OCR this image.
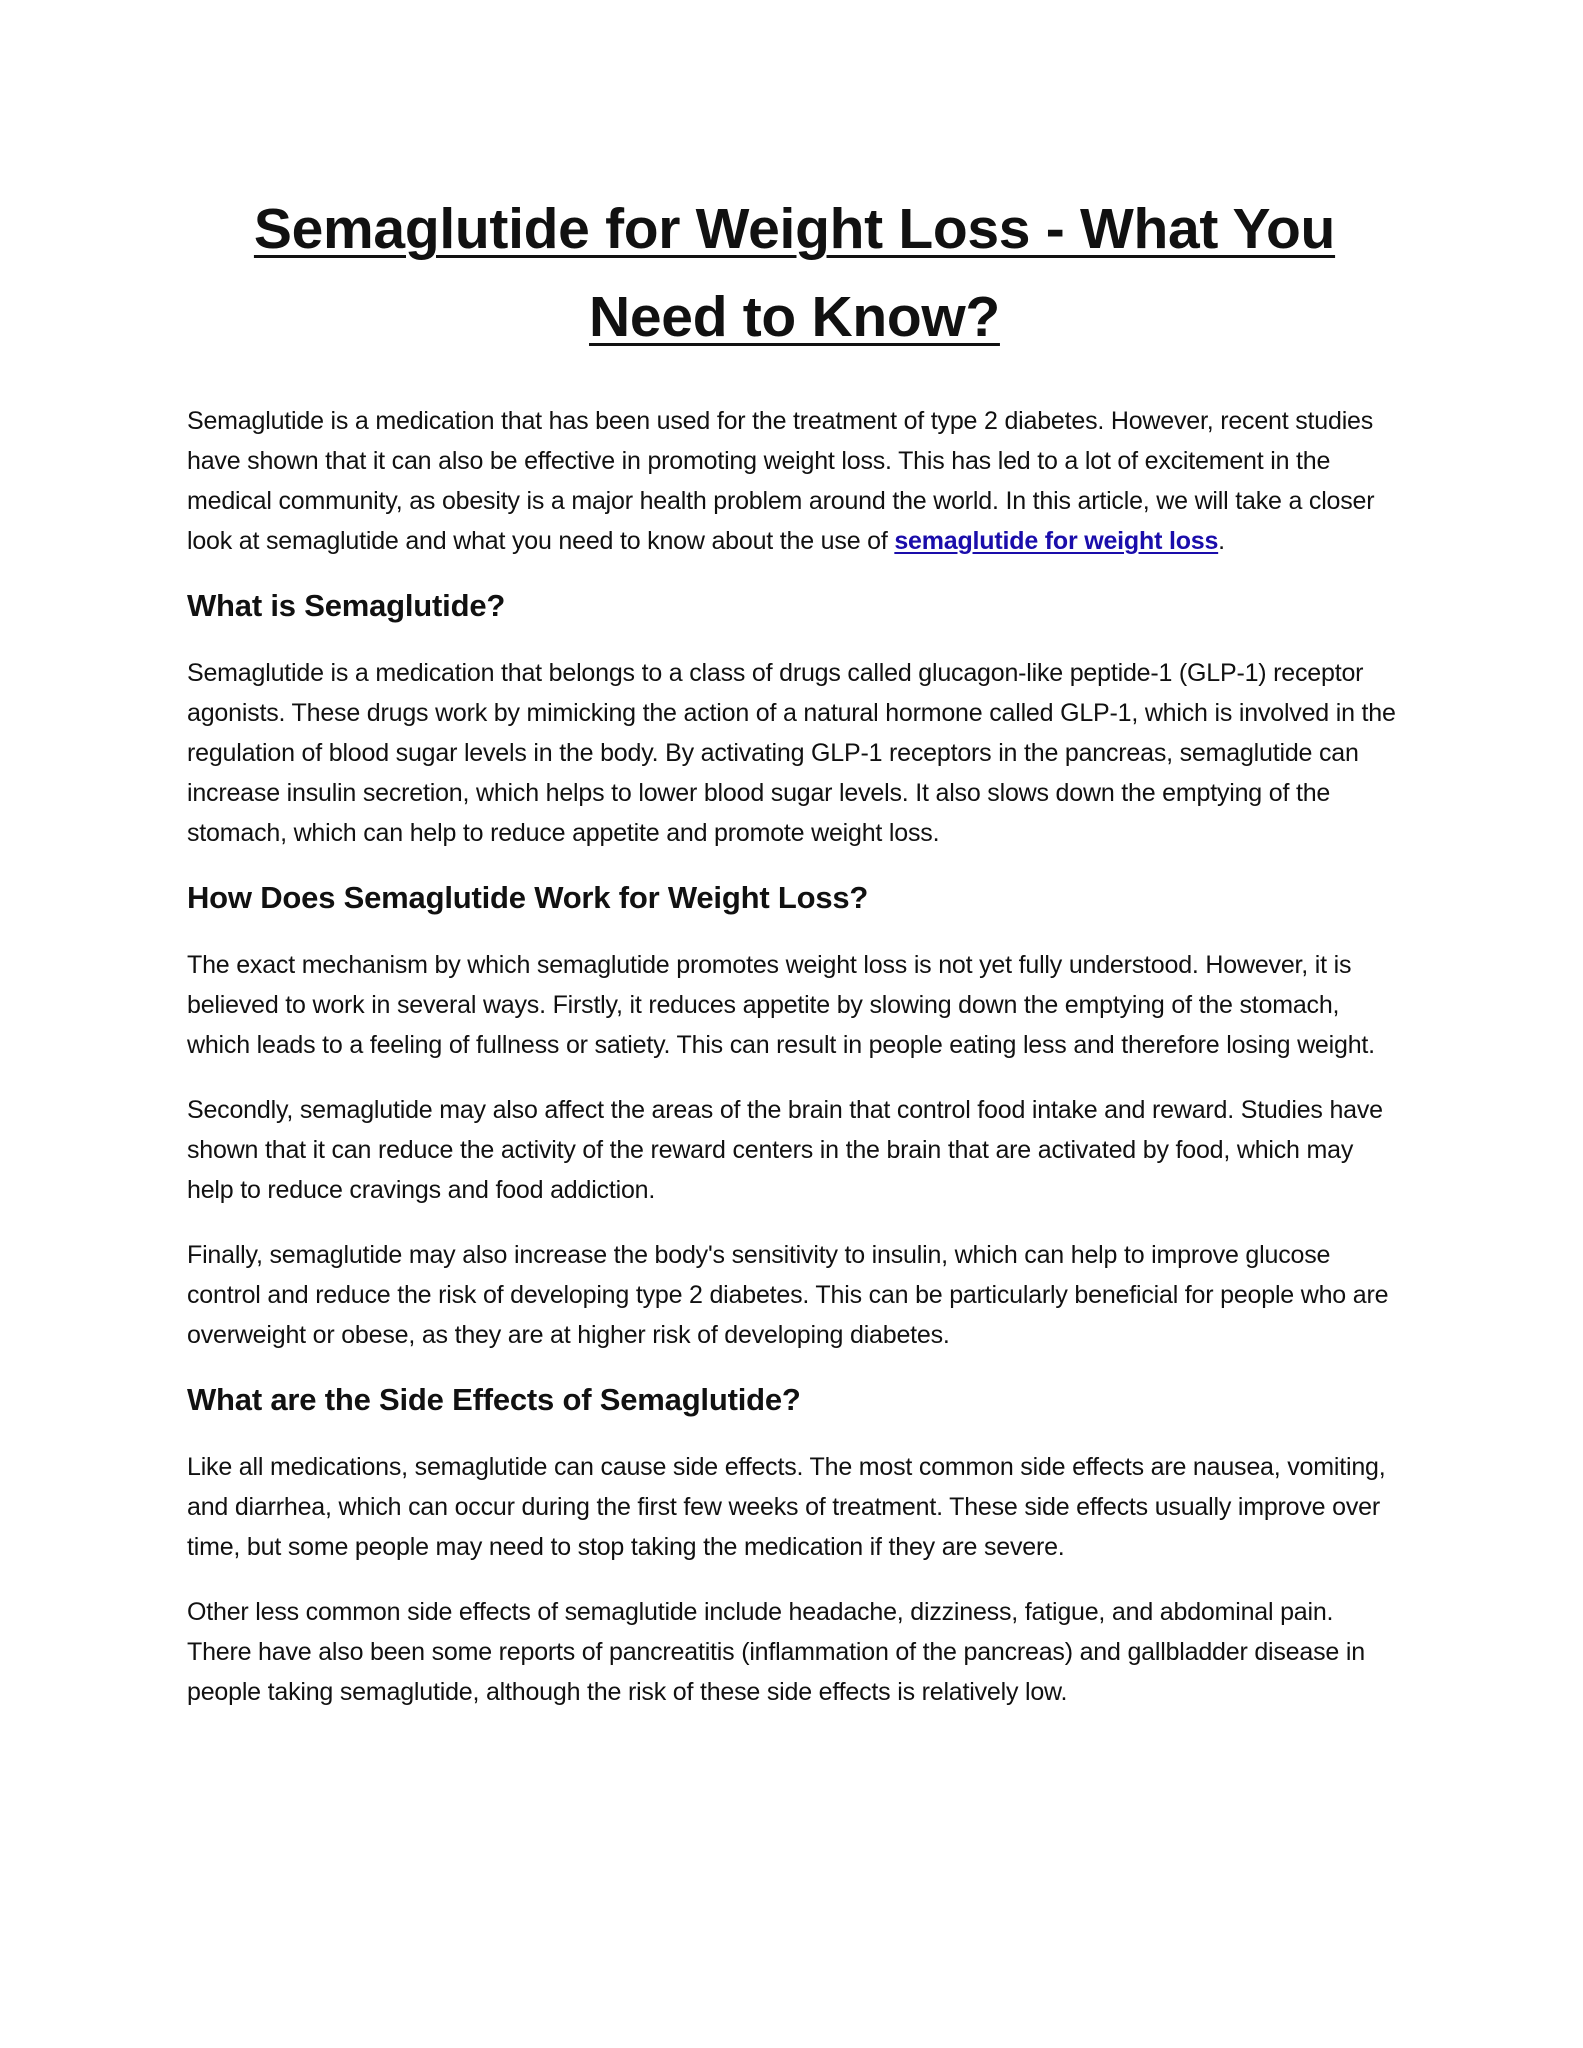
Semaglutide for Weight Loss - What You Need to Know?

Semaglutide is a medication that has been used for the treatment of type 2 diabetes. However, recent studies have shown that it can also be effective in promoting weight loss. This has led to a lot of excitement in the medical community, as obesity is a major health problem around the world. In this article, we will take a closer look at semaglutide and what you need to know about the use of semaglutide for weight loss.

What is Semaglutide?

Semaglutide is a medication that belongs to a class of drugs called glucagon-like peptide-1 (GLP-1) receptor agonists. These drugs work by mimicking the action of a natural hormone called GLP-1, which is involved in the regulation of blood sugar levels in the body. By activating GLP-1 receptors in the pancreas, semaglutide can increase insulin secretion, which helps to lower blood sugar levels. It also slows down the emptying of the stomach, which can help to reduce appetite and promote weight loss.

How Does Semaglutide Work for Weight Loss?

The exact mechanism by which semaglutide promotes weight loss is not yet fully understood. However, it is believed to work in several ways. Firstly, it reduces appetite by slowing down the emptying of the stomach, which leads to a feeling of fullness or satiety. This can result in people eating less and therefore losing weight.

Secondly, semaglutide may also affect the areas of the brain that control food intake and reward. Studies have shown that it can reduce the activity of the reward centers in the brain that are activated by food, which may help to reduce cravings and food addiction.

Finally, semaglutide may also increase the body's sensitivity to insulin, which can help to improve glucose control and reduce the risk of developing type 2 diabetes. This can be particularly beneficial for people who are overweight or obese, as they are at higher risk of developing diabetes.

What are the Side Effects of Semaglutide?

Like all medications, semaglutide can cause side effects. The most common side effects are nausea, vomiting, and diarrhea, which can occur during the first few weeks of treatment. These side effects usually improve over time, but some people may need to stop taking the medication if they are severe.

Other less common side effects of semaglutide include headache, dizziness, fatigue, and abdominal pain. There have also been some reports of pancreatitis (inflammation of the pancreas) and gallbladder disease in people taking semaglutide, although the risk of these side effects is relatively low.
